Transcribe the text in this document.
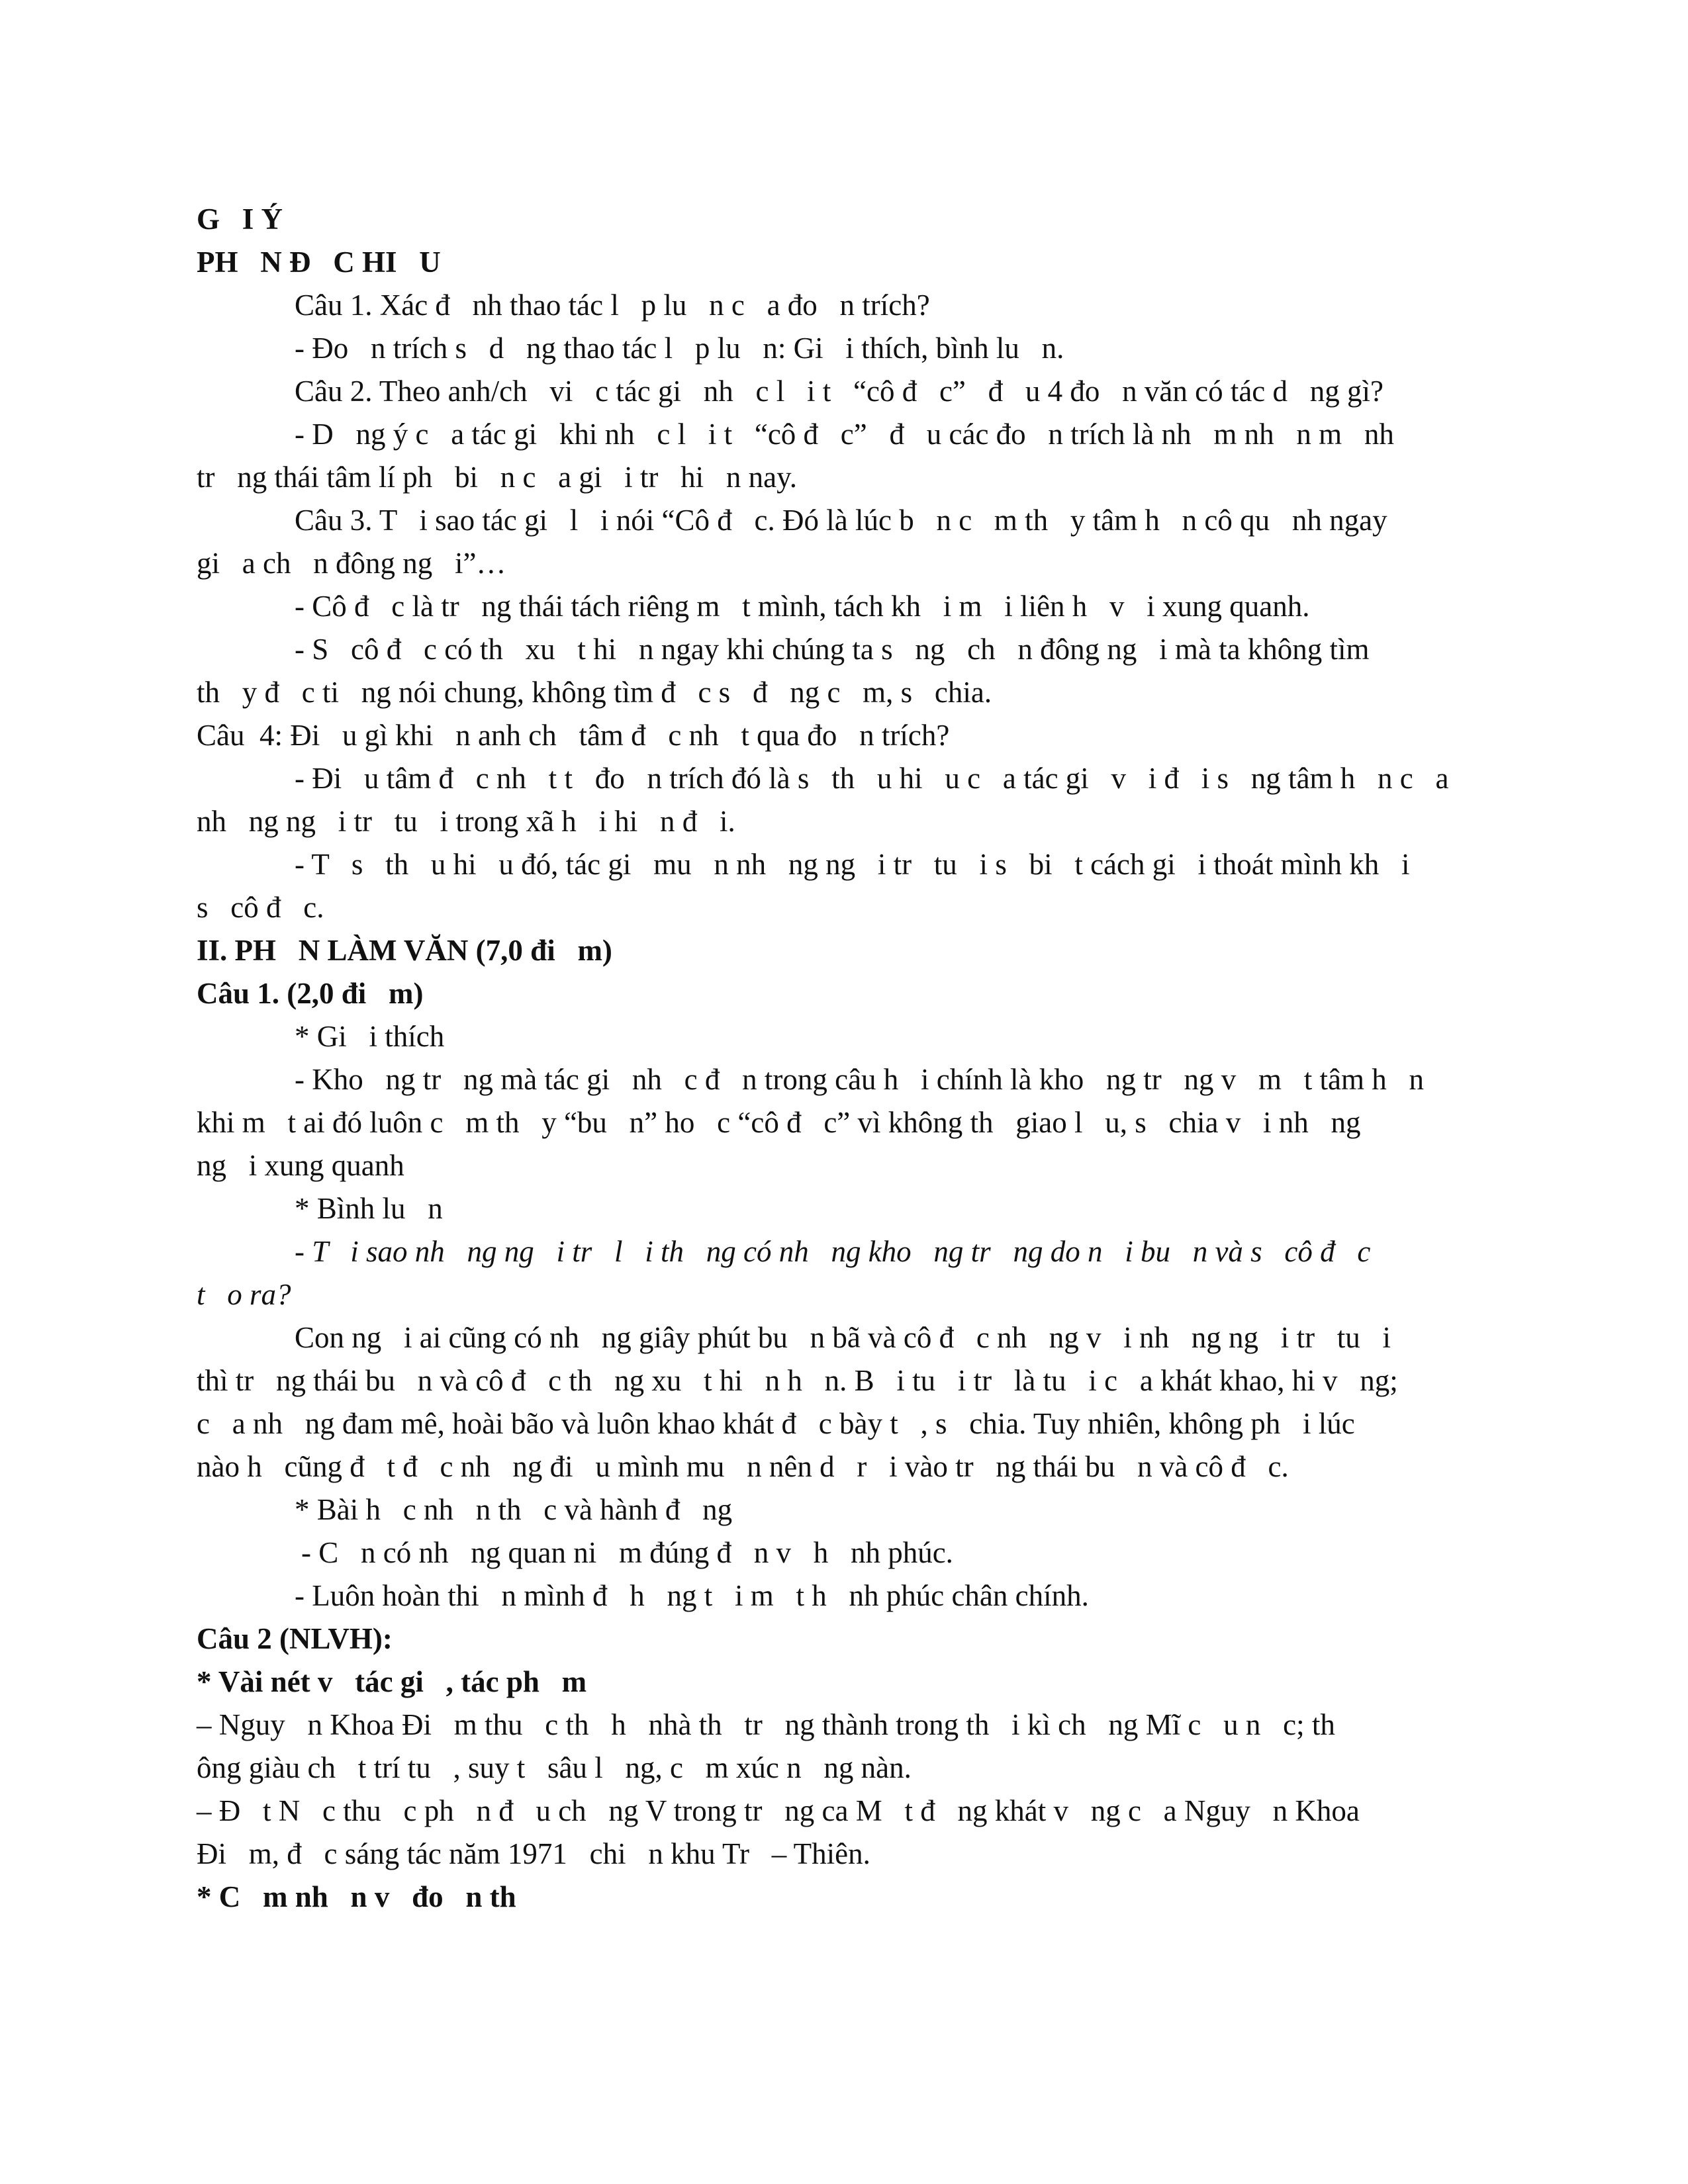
G   I Ý
PH   N Đ   C HI   U
Câu 1. Xác đ   nh thao tác l   p lu   n c   a đo   n trích?
- Đo   n trích s   d   ng thao tác l   p lu   n: Gi   i thích, bình lu   n.
Câu 2. Theo anh/ch   vi   c tác gi   nh   c l   i t   “cô đ   c”   đ   u 4 đo   n văn có tác d   ng gì?
- D   ng ý c   a tác gi   khi nh   c l   i t   “cô đ   c”   đ   u các đo   n trích là nh   m nh   n m   nh
tr   ng thái tâm lí ph   bi   n c   a gi   i tr   hi   n nay.
Câu 3. T   i sao tác gi   l   i nói “Cô đ   c. Đó là lúc b   n c   m th   y tâm h   n cô qu   nh ngay
gi   a ch   n đông ng   i”…
- Cô đ   c là tr   ng thái tách riêng m   t mình, tách kh   i m   i liên h   v   i xung quanh.
- S   cô đ   c có th   xu   t hi   n ngay khi chúng ta s   ng   ch   n đông ng   i mà ta không tìm
th   y đ   c ti   ng nói chung, không tìm đ   c s   đ   ng c   m, s   chia.
Câu  4: Đi   u gì khi   n anh ch   tâm đ   c nh   t qua đo   n trích?
- Đi   u tâm đ   c nh   t t   đo   n trích đó là s   th   u hi   u c   a tác gi   v   i đ   i s   ng tâm h   n c   a
nh   ng ng   i tr   tu   i trong xã h   i hi   n đ   i.
- T   s   th   u hi   u đó, tác gi   mu   n nh   ng ng   i tr   tu   i s   bi   t cách gi   i thoát mình kh   i
s   cô đ   c.
II. PH   N LÀM VĂN (7,0 đi   m)
Câu 1. (2,0 đi   m)
* Gi   i thích
- Kho   ng tr   ng mà tác gi   nh   c đ   n trong câu h   i chính là kho   ng tr   ng v   m   t tâm h   n
khi m   t ai đó luôn c   m th   y “bu   n” ho   c “cô đ   c” vì không th   giao l   u, s   chia v   i nh   ng
ng   i xung quanh
* Bình lu   n
- T   i sao nh   ng ng   i tr   l   i th   ng có nh   ng kho   ng tr   ng do n   i bu   n và s   cô đ   c
t   o ra?
Con ng   i ai cũng có nh   ng giây phút bu   n bã và cô đ   c nh   ng v   i nh   ng ng   i tr   tu   i
thì tr   ng thái bu   n và cô đ   c th   ng xu   t hi   n h   n. B   i tu   i tr   là tu   i c   a khát khao, hi v   ng;
c   a nh   ng đam mê, hoài bão và luôn khao khát đ   c bày t   , s   chia. Tuy nhiên, không ph   i lúc
nào h   cũng đ   t đ   c nh   ng đi   u mình mu   n nên d   r   i vào tr   ng thái bu   n và cô đ   c.
* Bài h   c nh   n th   c và hành đ   ng
- C   n có nh   ng quan ni   m đúng đ   n v   h   nh phúc.
- Luôn hoàn thi   n mình đ   h   ng t   i m   t h   nh phúc chân chính.
Câu 2 (NLVH):
* Vài nét v   tác gi   , tác ph   m
– Nguy   n Khoa Đi   m thu   c th   h   nhà th   tr   ng thành trong th   i kì ch   ng Mĩ c   u n   c; th
ông giàu ch   t trí tu   , suy t   sâu l   ng, c   m xúc n   ng nàn.
– Đ   t N   c thu   c ph   n đ   u ch   ng V trong tr   ng ca M   t đ   ng khát v   ng c   a Nguy   n Khoa
Đi   m, đ   c sáng tác năm 1971   chi   n khu Tr   – Thiên.
* C   m nh   n v   đo   n th
